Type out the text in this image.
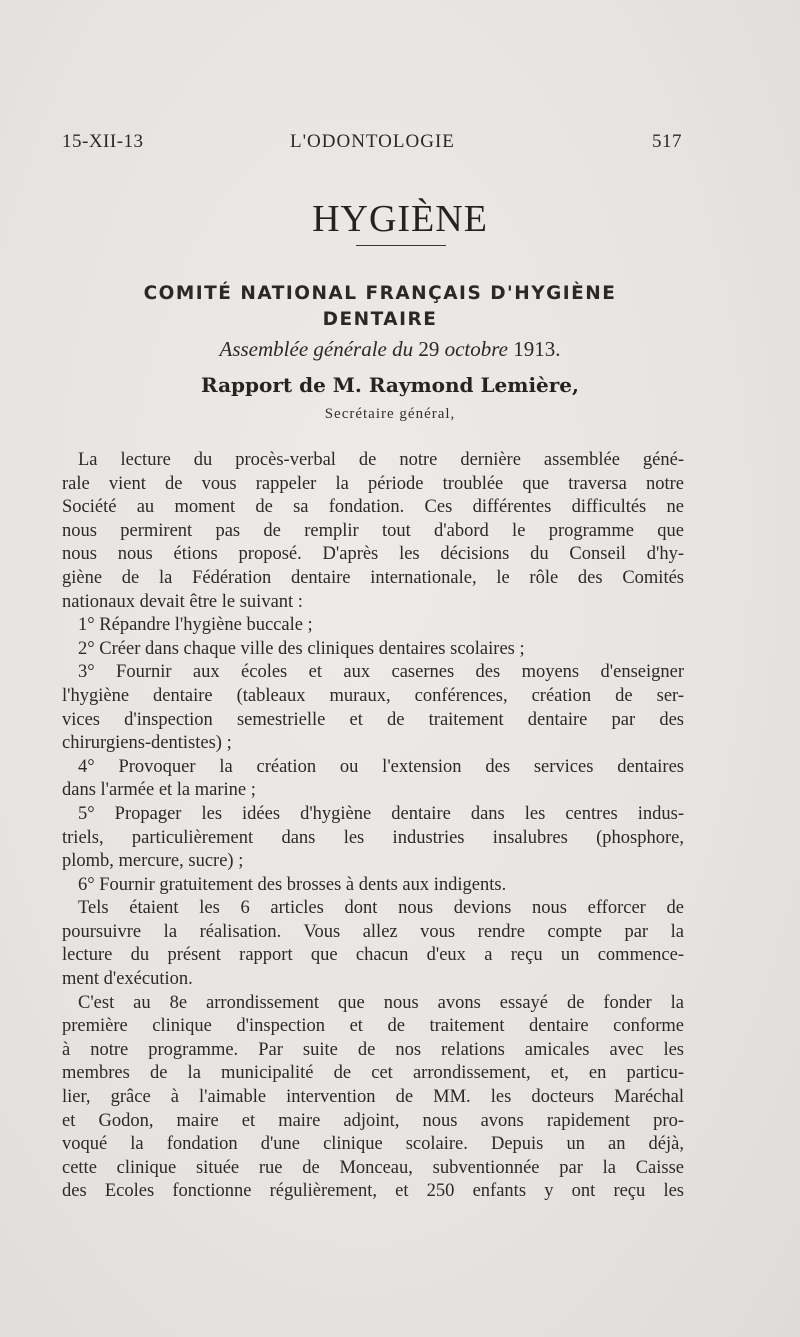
15-XII-13	L'ODONTOLOGIE	517
HYGIÈNE
COMITÉ NATIONAL FRANÇAIS D'HYGIÈNE
DENTAIRE
Assemblée générale du 29 octobre 1913.
Rapport de M. Raymond Lemière,
Secrétaire général,
La lecture du procès-verbal de notre dernière assemblée géné-
rale vient de vous rappeler la période troublée que traversa notre
Société au moment de sa fondation. Ces différentes difficultés ne
nous permirent pas de remplir tout d'abord le programme que
nous nous étions proposé. D'après les décisions du Conseil d'hy-
giène de la Fédération dentaire internationale, le rôle des Comités
nationaux devait être le suivant :
1° Répandre l'hygiène buccale ;
2° Créer dans chaque ville des cliniques dentaires scolaires ;
3° Fournir aux écoles et aux casernes des moyens d'enseigner
l'hygiène dentaire (tableaux muraux, conférences, création de ser-
vices d'inspection semestrielle et de traitement dentaire par des
chirurgiens-dentistes) ;
4° Provoquer la création ou l'extension des services dentaires
dans l'armée et la marine ;
5° Propager les idées d'hygiène dentaire dans les centres indus-
triels, particulièrement dans les industries insalubres (phosphore,
plomb, mercure, sucre) ;
6° Fournir gratuitement des brosses à dents aux indigents.
Tels étaient les 6 articles dont nous devions nous efforcer de
poursuivre la réalisation. Vous allez vous rendre compte par la
lecture du présent rapport que chacun d'eux a reçu un commence-
ment d'exécution.
C'est au 8e arrondissement que nous avons essayé de fonder la
première clinique d'inspection et de traitement dentaire conforme
à notre programme. Par suite de nos relations amicales avec les
membres de la municipalité de cet arrondissement, et, en particu-
lier, grâce à l'aimable intervention de MM. les docteurs Maréchal
et Godon, maire et maire adjoint, nous avons rapidement pro-
voqué la fondation d'une clinique scolaire. Depuis un an déjà,
cette clinique située rue de Monceau, subventionnée par la Caisse
des Ecoles fonctionne régulièrement, et 250 enfants y ont reçu les
